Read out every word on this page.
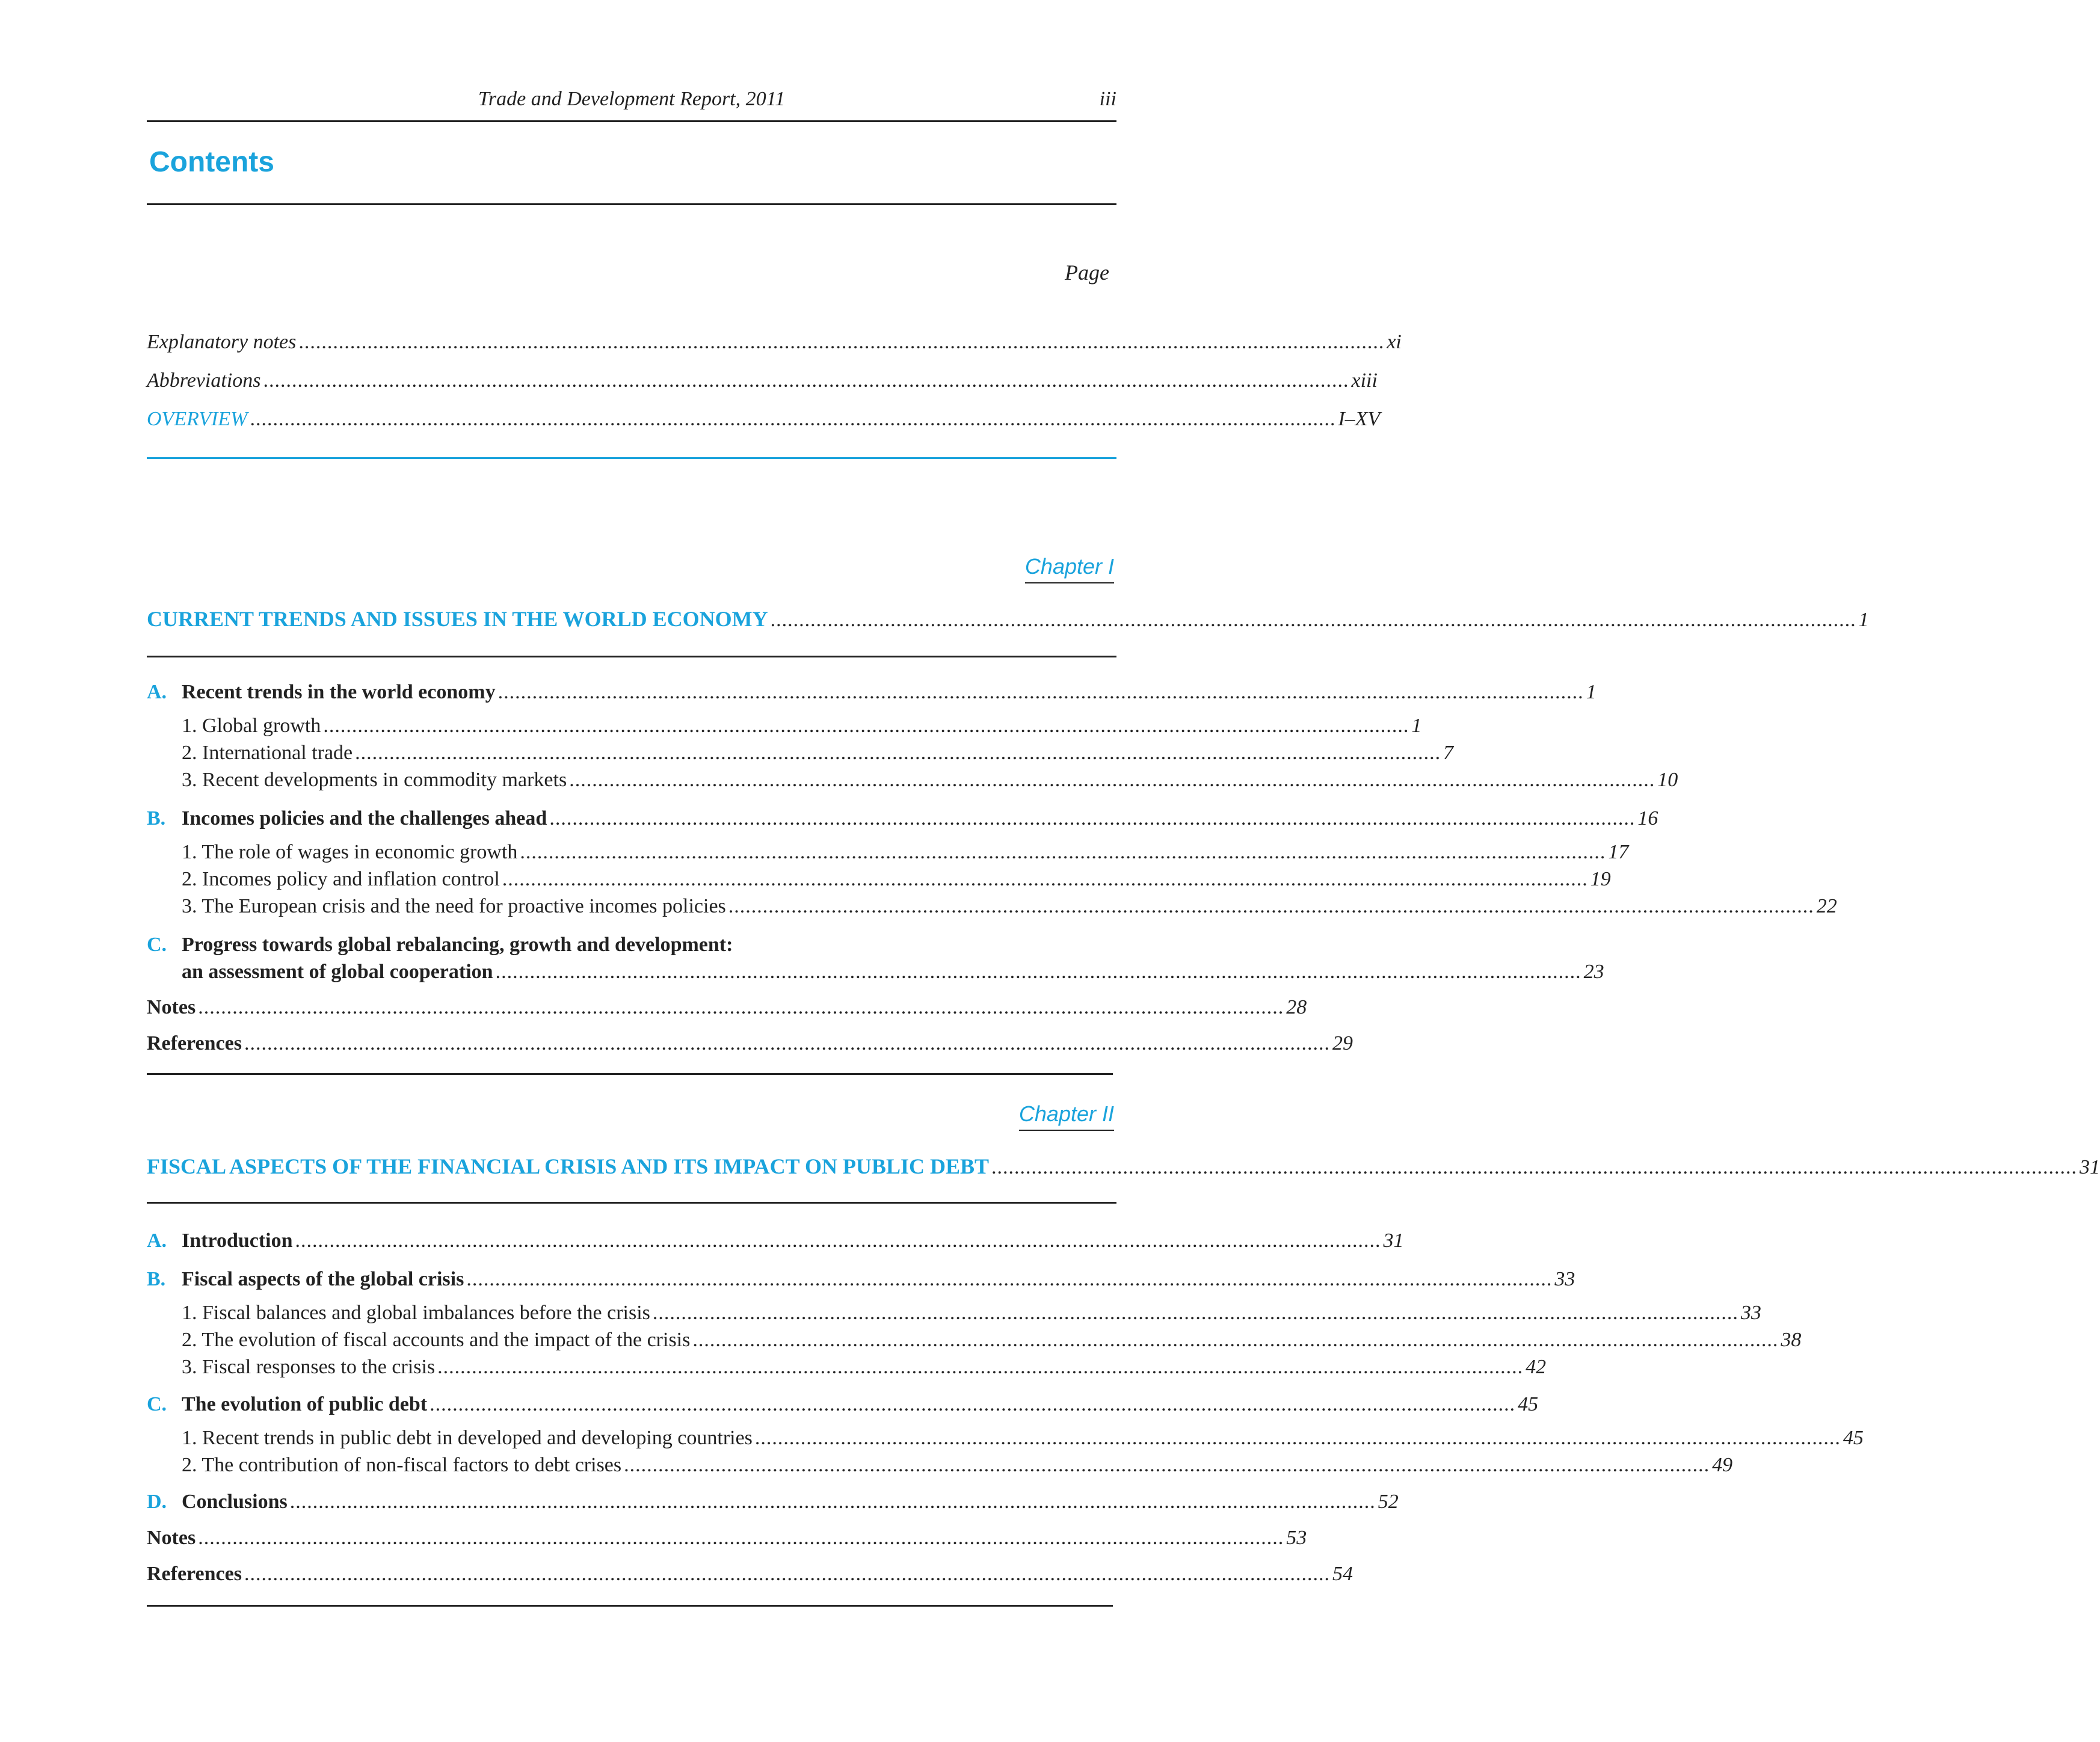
Trade and Development Report, 2011	iii
Contents
Page
Explanatory notes .............................................................................................................................................................................................. xi
Abbreviations .............................................................................................................................................................................................. xiii
OVERVIEW .............................................................................................................................................................................................. I–XV
Chapter I
CURRENT TRENDS AND ISSUES IN THE WORLD ECONOMY .............................................................................................................................................................................................. 1
A. Recent trends in the world economy .............................................................................................................................................................................................. 1
1. Global growth .............................................................................................................................................................................................. 1
2. International trade .............................................................................................................................................................................................. 7
3. Recent developments in commodity markets .............................................................................................................................................................................................. 10
B. Incomes policies and the challenges ahead .............................................................................................................................................................................................. 16
1. The role of wages in economic growth .............................................................................................................................................................................................. 17
2. Incomes policy and inflation control .............................................................................................................................................................................................. 19
3. The European crisis and the need for proactive incomes policies .............................................................................................................................................................................................. 22
C. Progress towards global rebalancing, growth and development:
an assessment of global cooperation .............................................................................................................................................................................................. 23
Notes .............................................................................................................................................................................................. 28
References .............................................................................................................................................................................................. 29
Chapter II
FISCAL ASPECTS OF THE FINANCIAL CRISIS AND ITS IMPACT ON PUBLIC DEBT .............................................................................................................................................................................................. 31
A. Introduction .............................................................................................................................................................................................. 31
B. Fiscal aspects of the global crisis .............................................................................................................................................................................................. 33
1. Fiscal balances and global imbalances before the crisis .............................................................................................................................................................................................. 33
2. The evolution of fiscal accounts and the impact of the crisis .............................................................................................................................................................................................. 38
3. Fiscal responses to the crisis .............................................................................................................................................................................................. 42
C. The evolution of public debt .............................................................................................................................................................................................. 45
1. Recent trends in public debt in developed and developing countries .............................................................................................................................................................................................. 45
2. The contribution of non-fiscal factors to debt crises .............................................................................................................................................................................................. 49
D. Conclusions .............................................................................................................................................................................................. 52
Notes .............................................................................................................................................................................................. 53
References .............................................................................................................................................................................................. 54
